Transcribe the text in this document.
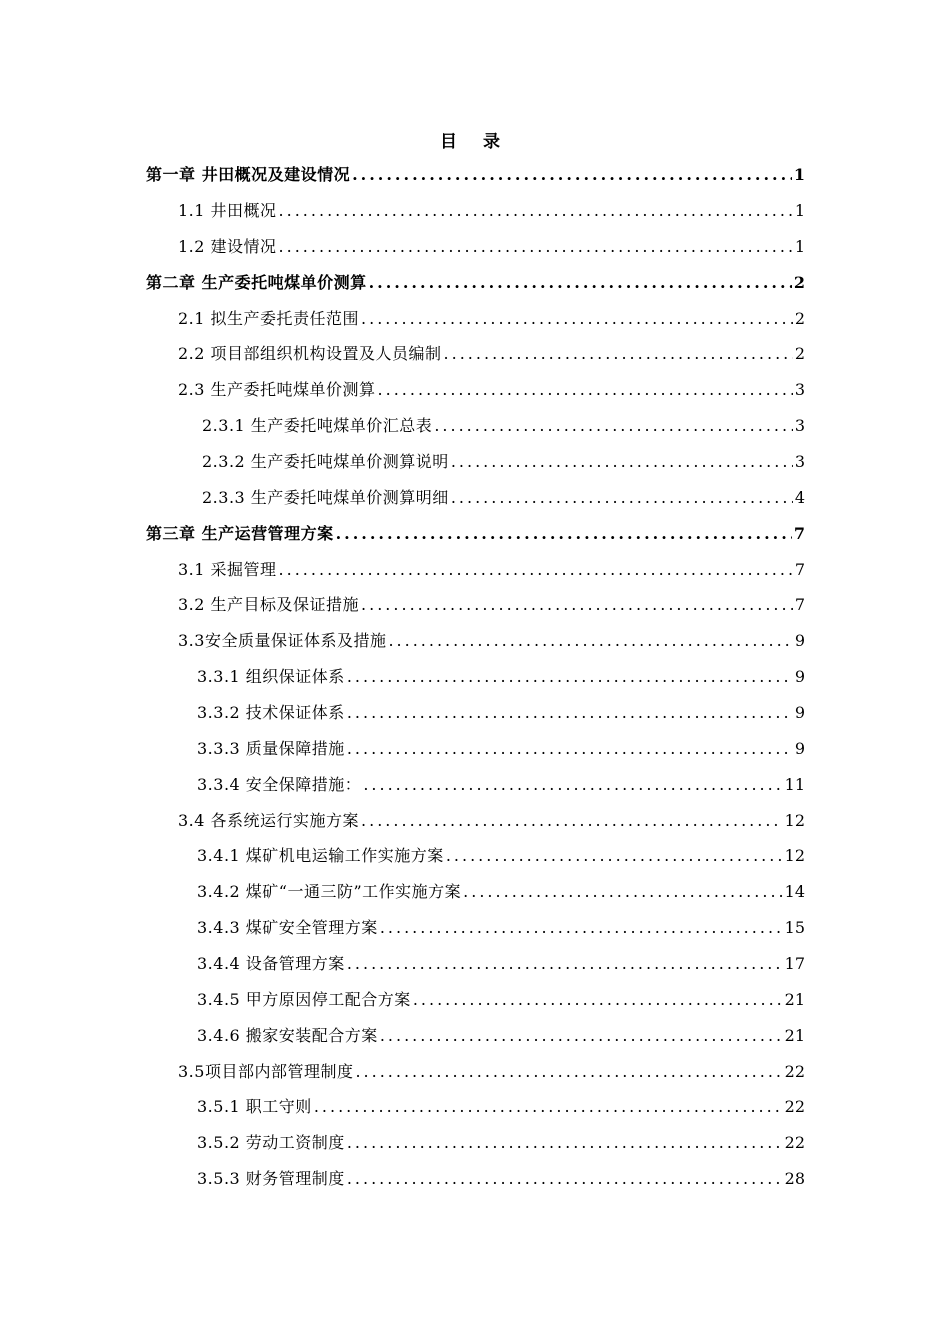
目 录
第一章 井田概况及建设情况 .....	1
1.1 井田概况 .....	1
1.2 建设情况 .....	1
第二章 生产委托吨煤单价测算 .....	2
2.1 拟生产委托责任范围 .....	2
2.2 项目部组织机构设置及人员编制 .....	2
2.3 生产委托吨煤单价测算 .....	3
2.3.1 生产委托吨煤单价汇总表 .....	3
2.3.2 生产委托吨煤单价测算说明 .....	3
2.3.3 生产委托吨煤单价测算明细 .....	4
第三章 生产运营管理方案 .....	7
3.1 采掘管理 .....	7
3.2 生产目标及保证措施 .....	7
3.3安全质量保证体系及措施 .....	9
3.3.1 组织保证体系 .....	9
3.3.2 技术保证体系 .....	9
3.3.3 质量保障措施 .....	9
3.3.4 安全保障措施： .....	11
3.4 各系统运行实施方案 .....	12
3.4.1 煤矿机电运输工作实施方案 .....	12
3.4.2 煤矿“一通三防”工作实施方案 .....	14
3.4.3 煤矿安全管理方案 .....	15
3.4.4 设备管理方案 .....	17
3.4.5 甲方原因停工配合方案 .....	21
3.4.6 搬家安装配合方案 .....	21
3.5项目部内部管理制度 .....	22
3.5.1 职工守则 .....	22
3.5.2 劳动工资制度 .....	22
3.5.3 财务管理制度 .....	28
